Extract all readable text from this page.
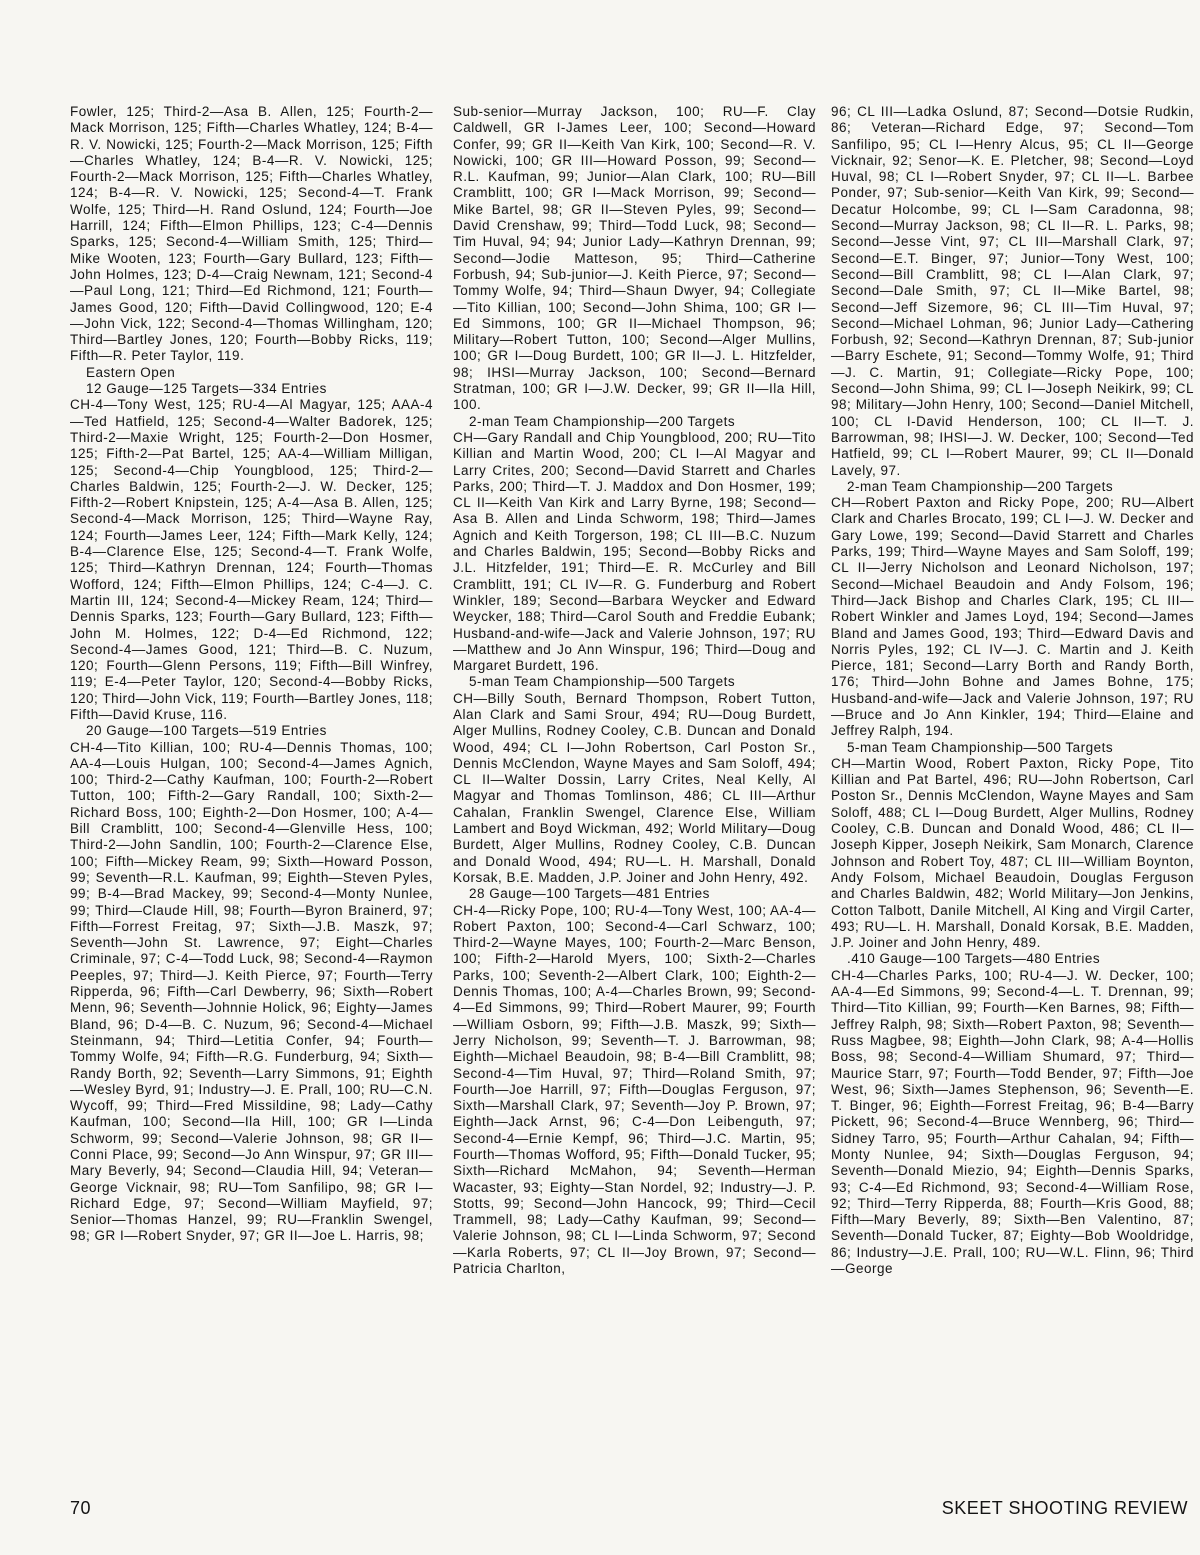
Fowler, 125; Third-2—Asa B. Allen, 125; Fourth-2—Mack Morrison, 125; Fifth—Charles Whatley, 124; B-4—R. V. Nowicki, 125; Fourth-2—Mack Morrison, 125; Fifth—Charles Whatley, 124; B-4—R. V. Nowicki, 125; Fourth-2—Mack Morrison, 125; Fifth—Charles Whatley, 124; B-4—R. V. Nowicki, 125; Second-4—T. Frank Wolfe, 125; Third—H. Rand Oslund, 124; Fourth—Joe Harrill, 124; Fifth—Elmon Phillips, 123; C-4—Dennis Sparks, 125; Second-4—William Smith, 125; Third—Mike Wooten, 123; Fourth—Gary Bullard, 123; Fifth—John Holmes, 123; D-4—Craig Newnam, 121; Second-4—Paul Long, 121; Third—Ed Richmond, 121; Fourth—James Good, 120; Fifth—David Collingwood, 120; E-4—John Vick, 122; Second-4—Thomas Willingham, 120; Third—Bartley Jones, 120; Fourth—Bobby Ricks, 119; Fifth—R. Peter Taylor, 119.

Eastern Open

12 Gauge—125 Targets—334 Entries

CH-4—Tony West, 125; RU-4—Al Magyar, 125; AAA-4—Ted Hatfield, 125; Second-4—Walter Badorek, 125; Third-2—Maxie Wright, 125; Fourth-2—Don Hosmer, 125; Fifth-2—Pat Bartel, 125; AA-4—William Milligan, 125; Second-4—Chip Youngblood, 125; Third-2—Charles Baldwin, 125; Fourth-2—J. W. Decker, 125; Fifth-2—Robert Knipstein, 125; A-4—Asa B. Allen, 125; Second-4—Mack Morrison, 125; Third—Wayne Ray, 124; Fourth—James Leer, 124; Fifth—Mark Kelly, 124; B-4—Clarence Else, 125; Second-4—T. Frank Wolfe, 125; Third—Kathryn Drennan, 124; Fourth—Thomas Wofford, 124; Fifth—Elmon Phillips, 124; C-4—J. C. Martin III, 124; Second-4—Mickey Ream, 124; Third—Dennis Sparks, 123; Fourth—Gary Bullard, 123; Fifth—John M. Holmes, 122; D-4—Ed Richmond, 122; Second-4—James Good, 121; Third—B. C. Nuzum, 120; Fourth—Glenn Persons, 119; Fifth—Bill Winfrey, 119; E-4—Peter Taylor, 120; Second-4—Bobby Ricks, 120; Third—John Vick, 119; Fourth—Bartley Jones, 118; Fifth—David Kruse, 116.

20 Gauge—100 Targets—519 Entries

CH-4—Tito Killian, 100; RU-4—Dennis Thomas, 100; AA-4—Louis Hulgan, 100; Second-4—James Agnich, 100; Third-2—Cathy Kaufman, 100; Fourth-2—Robert Tutton, 100; Fifth-2—Gary Randall, 100; Sixth-2—Richard Boss, 100; Eighth-2—Don Hosmer, 100; A-4—Bill Cramblitt, 100; Second-4—Glenville Hess, 100; Third-2—John Sandlin, 100; Fourth-2—Clarence Else, 100; Fifth—Mickey Ream, 99; Sixth—Howard Posson, 99; Seventh—R.L. Kaufman, 99; Eighth—Steven Pyles, 99; B-4—Brad Mackey, 99; Second-4—Monty Nunlee, 99; Third—Claude Hill, 98; Fourth—Byron Brainerd, 97; Fifth—Forrest Freitag, 97; Sixth—J.B. Maszk, 97; Seventh—John St. Lawrence, 97; Eight—Charles Criminale, 97; C-4—Todd Luck, 98; Second-4—Raymon Peeples, 97; Third—J. Keith Pierce, 97; Fourth—Terry Ripperda, 96; Fifth—Carl Dewberry, 96; Sixth—Robert Menn, 96; Seventh—Johnnie Holick, 96; Eighty—James Bland, 96; D-4—B. C. Nuzum, 96; Second-4—Michael Steinmann, 94; Third—Letitia Confer, 94; Fourth—Tommy Wolfe, 94; Fifth—R.G. Funderburg, 94; Sixth—Randy Borth, 92; Seventh—Larry Simmons, 91; Eighth—Wesley Byrd, 91; Industry—J. E. Prall, 100; RU—C.N. Wycoff, 99; Third—Fred Missildine, 98; Lady—Cathy Kaufman, 100; Second—Ila Hill, 100; GR I—Linda Schworm, 99; Second—Valerie Johnson, 98; GR II—Conni Place, 99; Second—Jo Ann Winspur, 97; GR III—Mary Beverly, 94; Second—Claudia Hill, 94; Veteran—George Vicknair, 98; RU—Tom Sanfilipo, 98; GR I—Richard Edge, 97; Second—William Mayfield, 97; Senior—Thomas Hanzel, 99; RU—Franklin Swengel, 98; GR I—Robert Snyder, 97; GR II—Joe L. Harris, 98;

Sub-senior—Murray Jackson, 100; RU—F. Clay Caldwell, GR I-James Leer, 100; Second—Howard Confer, 99; GR II—Keith Van Kirk, 100; Second—R. V. Nowicki, 100; GR III—Howard Posson, 99; Second—R.L. Kaufman, 99; Junior—Alan Clark, 100; RU—Bill Cramblitt, 100; GR I—Mack Morrison, 99; Second—Mike Bartel, 98; GR II—Steven Pyles, 99; Second—David Crenshaw, 99; Third—Todd Luck, 98; Second—Tim Huval, 94; 94; Junior Lady—Kathryn Drennan, 99; Second—Jodie Matteson, 95; Third—Catherine Forbush, 94; Sub-junior—J. Keith Pierce, 97; Second—Tommy Wolfe, 94; Third—Shaun Dwyer, 94; Collegiate—Tito Killian, 100; Second—John Shima, 100; GR I—Ed Simmons, 100; GR II—Michael Thompson, 96; Military—Robert Tutton, 100; Second—Alger Mullins, 100; GR I—Doug Burdett, 100; GR II—J. L. Hitzfelder, 98; IHSI—Murray Jackson, 100; Second—Bernard Stratman, 100; GR I—J.W. Decker, 99; GR II—Ila Hill, 100.

2-man Team Championship—200 Targets

CH—Gary Randall and Chip Youngblood, 200; RU—Tito Killian and Martin Wood, 200; CL I—Al Magyar and Larry Crites, 200; Second—David Starrett and Charles Parks, 200; Third—T. J. Maddox and Don Hosmer, 199; CL II—Keith Van Kirk and Larry Byrne, 198; Second—Asa B. Allen and Linda Schworm, 198; Third—James Agnich and Keith Torgerson, 198; CL III—B.C. Nuzum and Charles Baldwin, 195; Second—Bobby Ricks and J.L. Hitzfelder, 191; Third—E. R. McCurley and Bill Cramblitt, 191; CL IV—R. G. Funderburg and Robert Winkler, 189; Second—Barbara Weycker and Edward Weycker, 188; Third—Carol South and Freddie Eubank; Husband-and-wife—Jack and Valerie Johnson, 197; RU—Matthew and Jo Ann Winspur, 196; Third—Doug and Margaret Burdett, 196.

5-man Team Championship—500 Targets

CH—Billy South, Bernard Thompson, Robert Tutton, Alan Clark and Sami Srour, 494; RU—Doug Burdett, Alger Mullins, Rodney Cooley, C.B. Duncan and Donald Wood, 494; CL I—John Robertson, Carl Poston Sr., Dennis McClendon, Wayne Mayes and Sam Soloff, 494; CL II—Walter Dossin, Larry Crites, Neal Kelly, Al Magyar and Thomas Tomlinson, 486; CL III—Arthur Cahalan, Franklin Swengel, Clarence Else, William Lambert and Boyd Wickman, 492; World Military—Doug Burdett, Alger Mullins, Rodney Cooley, C.B. Duncan and Donald Wood, 494; RU—L. H. Marshall, Donald Korsak, B.E. Madden, J.P. Joiner and John Henry, 492.

28 Gauge—100 Targets—481 Entries

CH-4—Ricky Pope, 100; RU-4—Tony West, 100; AA-4—Robert Paxton, 100; Second-4—Carl Schwarz, 100; Third-2—Wayne Mayes, 100; Fourth-2—Marc Benson, 100; Fifth-2—Harold Myers, 100; Sixth-2—Charles Parks, 100; Seventh-2—Albert Clark, 100; Eighth-2—Dennis Thomas, 100; A-4—Charles Brown, 99; Second-4—Ed Simmons, 99; Third—Robert Maurer, 99; Fourth—William Osborn, 99; Fifth—J.B. Maszk, 99; Sixth—Jerry Nicholson, 99; Seventh—T. J. Barrowman, 98; Eighth—Michael Beaudoin, 98; B-4—Bill Cramblitt, 98; Second-4—Tim Huval, 97; Third—Roland Smith, 97; Fourth—Joe Harrill, 97; Fifth—Douglas Ferguson, 97; Sixth—Marshall Clark, 97; Seventh—Joy P. Brown, 97; Eighth—Jack Arnst, 96; C-4—Don Leibenguth, 97; Second-4—Ernie Kempf, 96; Third—J.C. Martin, 95; Fourth—Thomas Wofford, 95; Fifth—Donald Tucker, 95; Sixth—Richard McMahon, 94; Seventh—Herman Wacaster, 93; Eighty—Stan Nordel, 92; Industry—J. P. Stotts, 99; Second—John Hancock, 99; Third—Cecil Trammell, 98; Lady—Cathy Kaufman, 99; Second—Valerie Johnson, 98; CL I—Linda Schworm, 97; Second—Karla Roberts, 97; CL II—Joy Brown, 97; Second—Patricia Charlton,

96; CL III—Ladka Oslund, 87; Second—Dotsie Rudkin, 86; Veteran—Richard Edge, 97; Second—Tom Sanfilipo, 95; CL I—Henry Alcus, 95; CL II—George Vicknair, 92; Senor—K. E. Pletcher, 98; Second—Loyd Huval, 98; CL I—Robert Snyder, 97; CL II—L. Barbee Ponder, 97; Sub-senior—Keith Van Kirk, 99; Second—Decatur Holcombe, 99; CL I—Sam Caradonna, 98; Second—Murray Jackson, 98; CL II—R. L. Parks, 98; Second—Jesse Vint, 97; CL III—Marshall Clark, 97; Second—E.T. Binger, 97; Junior—Tony West, 100; Second—Bill Cramblitt, 98; CL I—Alan Clark, 97; Second—Dale Smith, 97; CL II—Mike Bartel, 98; Second—Jeff Sizemore, 96; CL III—Tim Huval, 97; Second—Michael Lohman, 96; Junior Lady—Cathering Forbush, 92; Second—Kathryn Drennan, 87; Sub-junior—Barry Eschete, 91; Second—Tommy Wolfe, 91; Third—J. C. Martin, 91; Collegiate—Ricky Pope, 100; Second—John Shima, 99; CL I—Joseph Neikirk, 99; CL 98; Military—John Henry, 100; Second—Daniel Mitchell, 100; CL I-David Henderson, 100; CL II—T. J. Barrowman, 98; IHSI—J. W. Decker, 100; Second—Ted Hatfield, 99; CL I—Robert Maurer, 99; CL II—Donald Lavely, 97.

2-man Team Championship—200 Targets

CH—Robert Paxton and Ricky Pope, 200; RU—Albert Clark and Charles Brocato, 199; CL I—J. W. Decker and Gary Lowe, 199; Second—David Starrett and Charles Parks, 199; Third—Wayne Mayes and Sam Soloff, 199; CL II—Jerry Nicholson and Leonard Nicholson, 197; Second—Michael Beaudoin and Andy Folsom, 196; Third—Jack Bishop and Charles Clark, 195; CL III—Robert Winkler and James Loyd, 194; Second—James Bland and James Good, 193; Third—Edward Davis and Norris Pyles, 192; CL IV—J. C. Martin and J. Keith Pierce, 181; Second—Larry Borth and Randy Borth, 176; Third—John Bohne and James Bohne, 175; Husband-and-wife—Jack and Valerie Johnson, 197; RU—Bruce and Jo Ann Kinkler, 194; Third—Elaine and Jeffrey Ralph, 194.

5-man Team Championship—500 Targets

CH—Martin Wood, Robert Paxton, Ricky Pope, Tito Killian and Pat Bartel, 496; RU—John Robertson, Carl Poston Sr., Dennis McClendon, Wayne Mayes and Sam Soloff, 488; CL I—Doug Burdett, Alger Mullins, Rodney Cooley, C.B. Duncan and Donald Wood, 486; CL II—Joseph Kipper, Joseph Neikirk, Sam Monarch, Clarence Johnson and Robert Toy, 487; CL III—William Boynton, Andy Folsom, Michael Beaudoin, Douglas Ferguson and Charles Baldwin, 482; World Military—Jon Jenkins, Cotton Talbott, Danile Mitchell, Al King and Virgil Carter, 493; RU—L. H. Marshall, Donald Korsak, B.E. Madden, J.P. Joiner and John Henry, 489.

.410 Gauge—100 Targets—480 Entries

CH-4—Charles Parks, 100; RU-4—J. W. Decker, 100; AA-4—Ed Simmons, 99; Second-4—L. T. Drennan, 99; Third—Tito Killian, 99; Fourth—Ken Barnes, 98; Fifth—Jeffrey Ralph, 98; Sixth—Robert Paxton, 98; Seventh—Russ Magbee, 98; Eighth—John Clark, 98; A-4—Hollis Boss, 98; Second-4—William Shumard, 97; Third—Maurice Starr, 97; Fourth—Todd Bender, 97; Fifth—Joe West, 96; Sixth—James Stephenson, 96; Seventh—E. T. Binger, 96; Eighth—Forrest Freitag, 96; B-4—Barry Pickett, 96; Second-4—Bruce Wennberg, 96; Third—Sidney Tarro, 95; Fourth—Arthur Cahalan, 94; Fifth—Monty Nunlee, 94; Sixth—Douglas Ferguson, 94; Seventh—Donald Miezio, 94; Eighth—Dennis Sparks, 93; C-4—Ed Richmond, 93; Second-4—William Rose, 92; Third—Terry Ripperda, 88; Fourth—Kris Good, 88; Fifth—Mary Beverly, 89; Sixth—Ben Valentino, 87; Seventh—Donald Tucker, 87; Eighty—Bob Wooldridge, 86; Industry—J.E. Prall, 100; RU—W.L. Flinn, 96; Third—George

70	SKEET SHOOTING REVIEW
